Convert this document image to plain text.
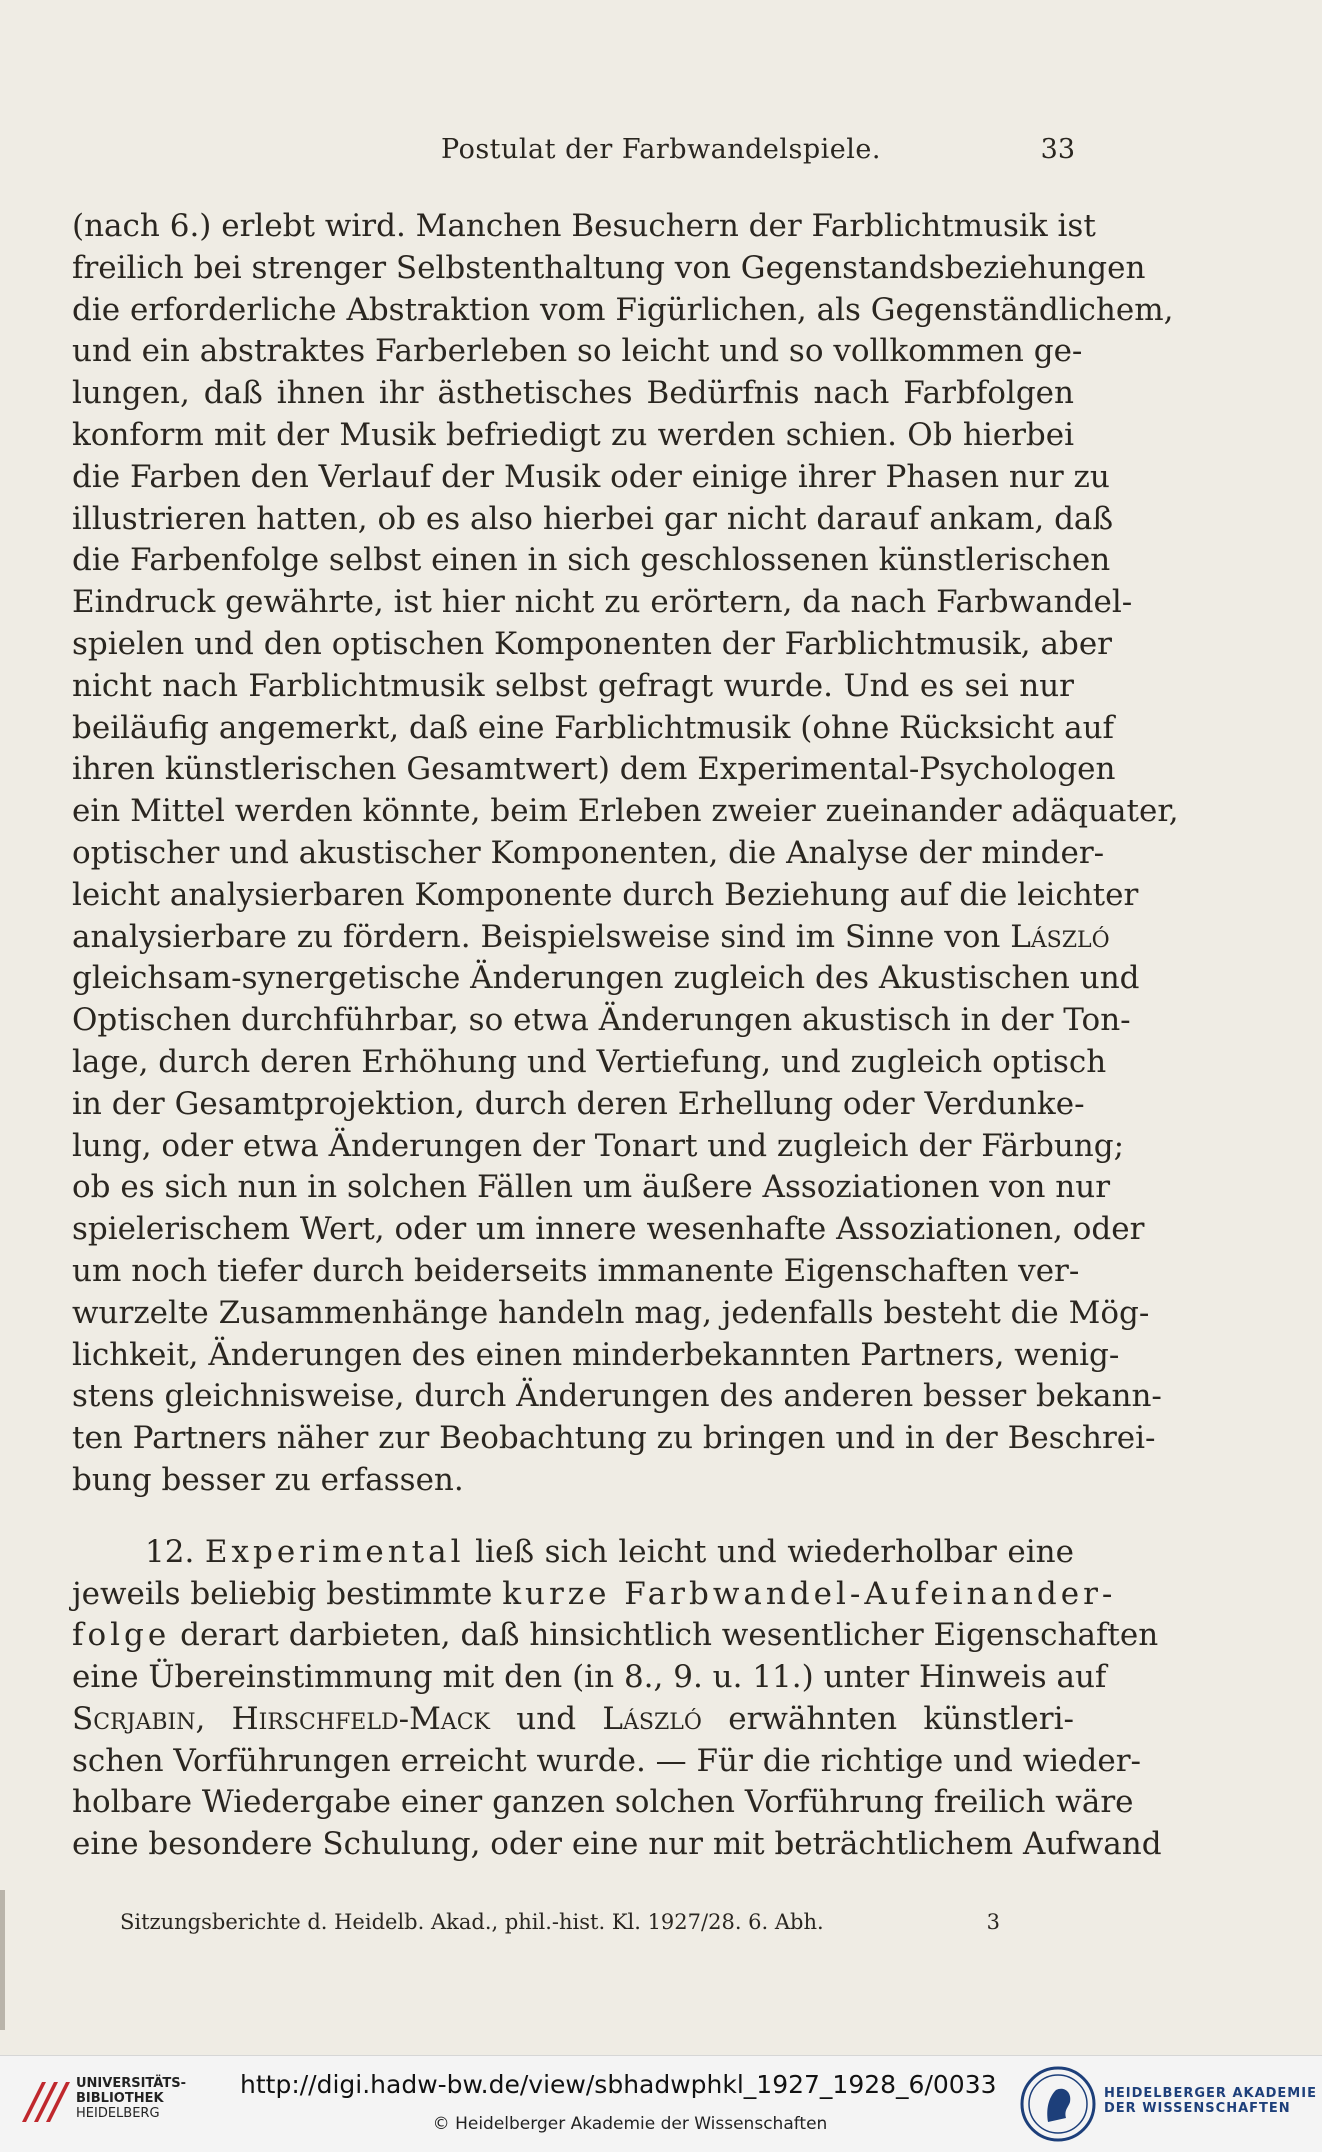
Postulat der Farbwandelspiele.	33
(nach 6.) erlebt wird. Manchen Besuchern der Farblichtmusik ist
freilich bei strenger Selbstenthaltung von Gegenstandsbeziehungen
die erforderliche Abstraktion vom Figürlichen, als Gegenständlichem,
und ein abstraktes Farberleben so leicht und so vollkommen ge-
lungen, daß ihnen ihr ästhetisches Bedürfnis nach Farbfolgen
konform mit der Musik befriedigt zu werden schien. Ob hierbei
die Farben den Verlauf der Musik oder einige ihrer Phasen nur zu
illustrieren hatten, ob es also hierbei gar nicht darauf ankam, daß
die Farbenfolge selbst einen in sich geschlossenen künstlerischen
Eindruck gewährte, ist hier nicht zu erörtern, da nach Farbwandel-
spielen und den optischen Komponenten der Farblichtmusik, aber
nicht nach Farblichtmusik selbst gefragt wurde. Und es sei nur
beiläufig angemerkt, daß eine Farblichtmusik (ohne Rücksicht auf
ihren künstlerischen Gesamtwert) dem Experimental-Psychologen
ein Mittel werden könnte, beim Erleben zweier zueinander adäquater,
optischer und akustischer Komponenten, die Analyse der minder-
leicht analysierbaren Komponente durch Beziehung auf die leichter
analysierbare zu fördern. Beispielsweise sind im Sinne von László
gleichsam-synergetische Änderungen zugleich des Akustischen und
Optischen durchführbar, so etwa Änderungen akustisch in der Ton-
lage, durch deren Erhöhung und Vertiefung, und zugleich optisch
in der Gesamtprojektion, durch deren Erhellung oder Verdunke-
lung, oder etwa Änderungen der Tonart und zugleich der Färbung;
ob es sich nun in solchen Fällen um äußere Assoziationen von nur
spielerischem Wert, oder um innere wesenhafte Assoziationen, oder
um noch tiefer durch beiderseits immanente Eigenschaften ver-
wurzelte Zusammenhänge handeln mag, jedenfalls besteht die Mög-
lichkeit, Änderungen des einen minderbekannten Partners, wenig-
stens gleichnisweise, durch Änderungen des anderen besser bekann-
ten Partners näher zur Beobachtung zu bringen und in der Beschrei-
bung besser zu erfassen.
12. Experimental ließ sich leicht und wiederholbar eine
jeweils beliebig bestimmte kurze Farbwandel-Aufeinander-
folge derart darbieten, daß hinsichtlich wesentlicher Eigenschaften
eine Übereinstimmung mit den (in 8., 9. u. 11.) unter Hinweis auf
Scrjabin, Hirschfeld-Mack und László erwähnten künstleri-
schen Vorführungen erreicht wurde. — Für die richtige und wieder-
holbare Wiedergabe einer ganzen solchen Vorführung freilich wäre
eine besondere Schulung, oder eine nur mit beträchtlichem Aufwand
Sitzungsberichte d. Heidelb. Akad., phil.-hist. Kl. 1927/28. 6. Abh.	3
UNIVERSITÄTS-
BIBLIOTHEK
HEIDELBERG
http://digi.hadw-bw.de/view/sbhadwphkl_1927_1928_6/0033
© Heidelberger Akademie der Wissenschaften
HEIDELBERGER AKADEMIE
DER WISSENSCHAFTEN
